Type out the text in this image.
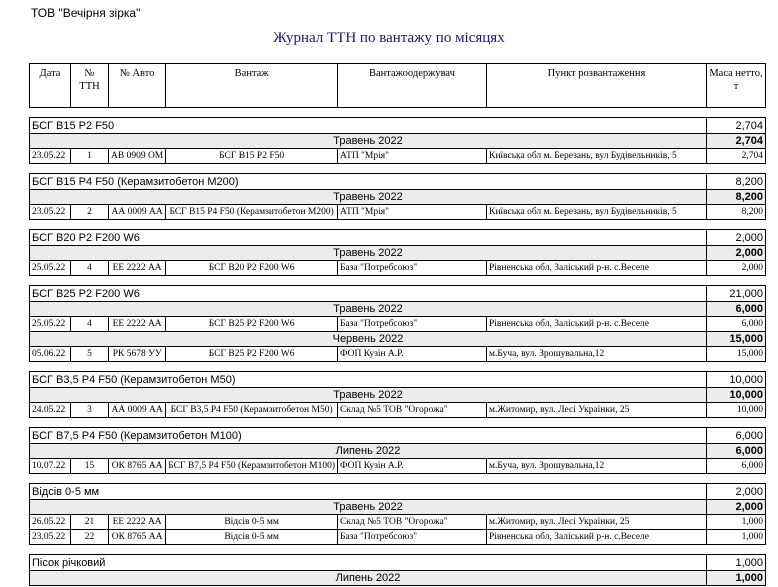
ТОВ "Вечірня зірка"
Журнал ТТН по вантажу по місяцях
Дата	№ ТТН	№ Авто	Вантаж	Вантажоодержувач	Пункт розвантаження	Маса нетто, т

БСГ В15 Р2 F50						2,704
Травень 2022						2,704
23.05.22	1	АВ 0909 ОМ	БСГ В15 Р2 F50	АТП "Мрія"	Київська обл м. Березань, вул Будівельників, 5	2,704

БСГ В15 Р4 F50 (Керамзитобетон М200)						8,200
Травень 2022						8,200
23.05.22	2	АА 0009 АА	БСГ В15 Р4 F50 (Керамзитобетон М200)	АТП "Мрія"	Київська обл м. Березань, вул Будівельників, 5	8,200

БСГ В20 Р2 F200 W6						2,000
Травень 2022						2,000
25.05.22	4	ЕЕ 2222 АА	БСГ В20 Р2 F200 W6	База "Потребсоюз"	Рівненська обл, Заліський р-н. с.Веселе	2,000

БСГ В25 Р2 F200 W6						21,000
Травень 2022						6,000
25.05.22	4	ЕЕ 2222 АА	БСГ В25 Р2 F200 W6	База "Потребсоюз"	Рівненська обл, Заліський р-н. с.Веселе	6,000
Червень 2022						15,000
05.06.22	5	РК 5678 УУ	БСГ В25 Р2 F200 W6	ФОП Кузін А.Р.	м.Буча, вул. Зрошувальна,12	15,000

БСГ В3,5 Р4 F50 (Керамзитобетон М50)						10,000
Травень 2022						10,000
24.05.22	3	АА 0009 АА	БСГ В3,5 Р4 F50 (Керамзитобетон М50)	Склад №5 ТОВ "Огорожа"	м.Житомир, вул. Лесі Українки, 25	10,000

БСГ В7,5 Р4 F50 (Керамзитобетон М100)						6,000
Липень 2022						6,000
10.07.22	15	ОК 8765 АА	БСГ В7,5 Р4 F50 (Керамзитобетон М100)	ФОП Кузін А.Р.	м.Буча, вул. Зрошувальна,12	6,000

Відсів 0-5 мм						2,000
Травень 2022						2,000
26.05.22	21	ЕЕ 2222 АА	Відсів 0-5 мм	Склад №5 ТОВ "Огорожа"	м.Житомир, вул. Лесі Українки, 25	1,000
23.05.22	22	ОК 8765 АА	Відсів 0-5 мм	База "Потребсоюз"	Рівненська обл, Заліський р-н. с.Веселе	1,000

Пісок річковий						1,000
Липень 2022						1,000
